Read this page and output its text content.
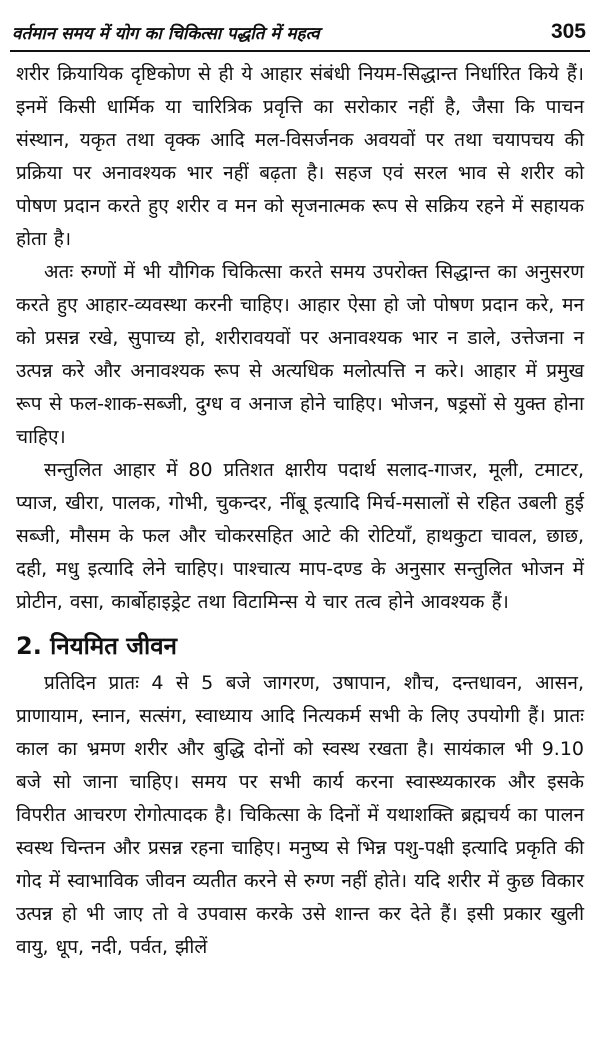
वर्तमान समय में योग का चिकित्सा पद्धति में महत्व	305

शरीर क्रियायिक दृष्टिकोण से ही ये आहार संबंधी नियम-सिद्धान्त निर्धारित किये हैं। इनमें किसी धार्मिक या चारित्रिक प्रवृत्ति का सरोकार नहीं है, जैसा कि पाचन संस्थान, यकृत तथा वृक्क आदि मल-विसर्जनक अवयवों पर तथा चयापचय की प्रक्रिया पर अनावश्यक भार नहीं बढ़ता है। सहज एवं सरल भाव से शरीर को पोषण प्रदान करते हुए शरीर व मन को सृजनात्मक रूप से सक्रिय रहने में सहायक होता है।

अतः रुग्णों में भी यौगिक चिकित्सा करते समय उपरोक्त सिद्धान्त का अनुसरण करते हुए आहार-व्यवस्था करनी चाहिए। आहार ऐसा हो जो पोषण प्रदान करे, मन को प्रसन्न रखे, सुपाच्य हो, शरीरावयवों पर अनावश्यक भार न डाले, उत्तेजना न उत्पन्न करे और अनावश्यक रूप से अत्यधिक मलोत्पत्ति न करे। आहार में प्रमुख रूप से फल-शाक-सब्जी, दुग्ध व अनाज होने चाहिए। भोजन, षड्रसों से युक्त होना चाहिए।

सन्तुलित आहार में 80 प्रतिशत क्षारीय पदार्थ सलाद-गाजर, मूली, टमाटर, प्याज, खीरा, पालक, गोभी, चुकन्दर, नींबू इत्यादि मिर्च-मसालों से रहित उबली हुई सब्जी, मौसम के फल और चोकरसहित आटे की रोटियाँ, हाथकुटा चावल, छाछ, दही, मधु इत्यादि लेने चाहिए। पाश्चात्य माप-दण्ड के अनुसार सन्तुलित भोजन में प्रोटीन, वसा, कार्बोहाइड्रेट तथा विटामिन्स ये चार तत्व होने आवश्यक हैं।

2. नियमित जीवन

प्रतिदिन प्रातः 4 से 5 बजे जागरण, उषापान, शौच, दन्तधावन, आसन, प्राणायाम, स्नान, सत्संग, स्वाध्याय आदि नित्यकर्म सभी के लिए उपयोगी हैं। प्रातः काल का भ्रमण शरीर और बुद्धि दोनों को स्वस्थ रखता है। सायंकाल भी 9.10 बजे सो जाना चाहिए। समय पर सभी कार्य करना स्वास्थ्यकारक और इसके विपरीत आचरण रोगोत्पादक है। चिकित्सा के दिनों में यथाशक्ति ब्रह्मचर्य का पालन स्वस्थ चिन्तन और प्रसन्न रहना चाहिए। मनुष्य से भिन्न पशु-पक्षी इत्यादि प्रकृति की गोद में स्वाभाविक जीवन व्यतीत करने से रुग्ण नहीं होते। यदि शरीर में कुछ विकार उत्पन्न हो भी जाए तो वे उपवास करके उसे शान्त कर देते हैं। इसी प्रकार खुली वायु, धूप, नदी, पर्वत, झीलें
